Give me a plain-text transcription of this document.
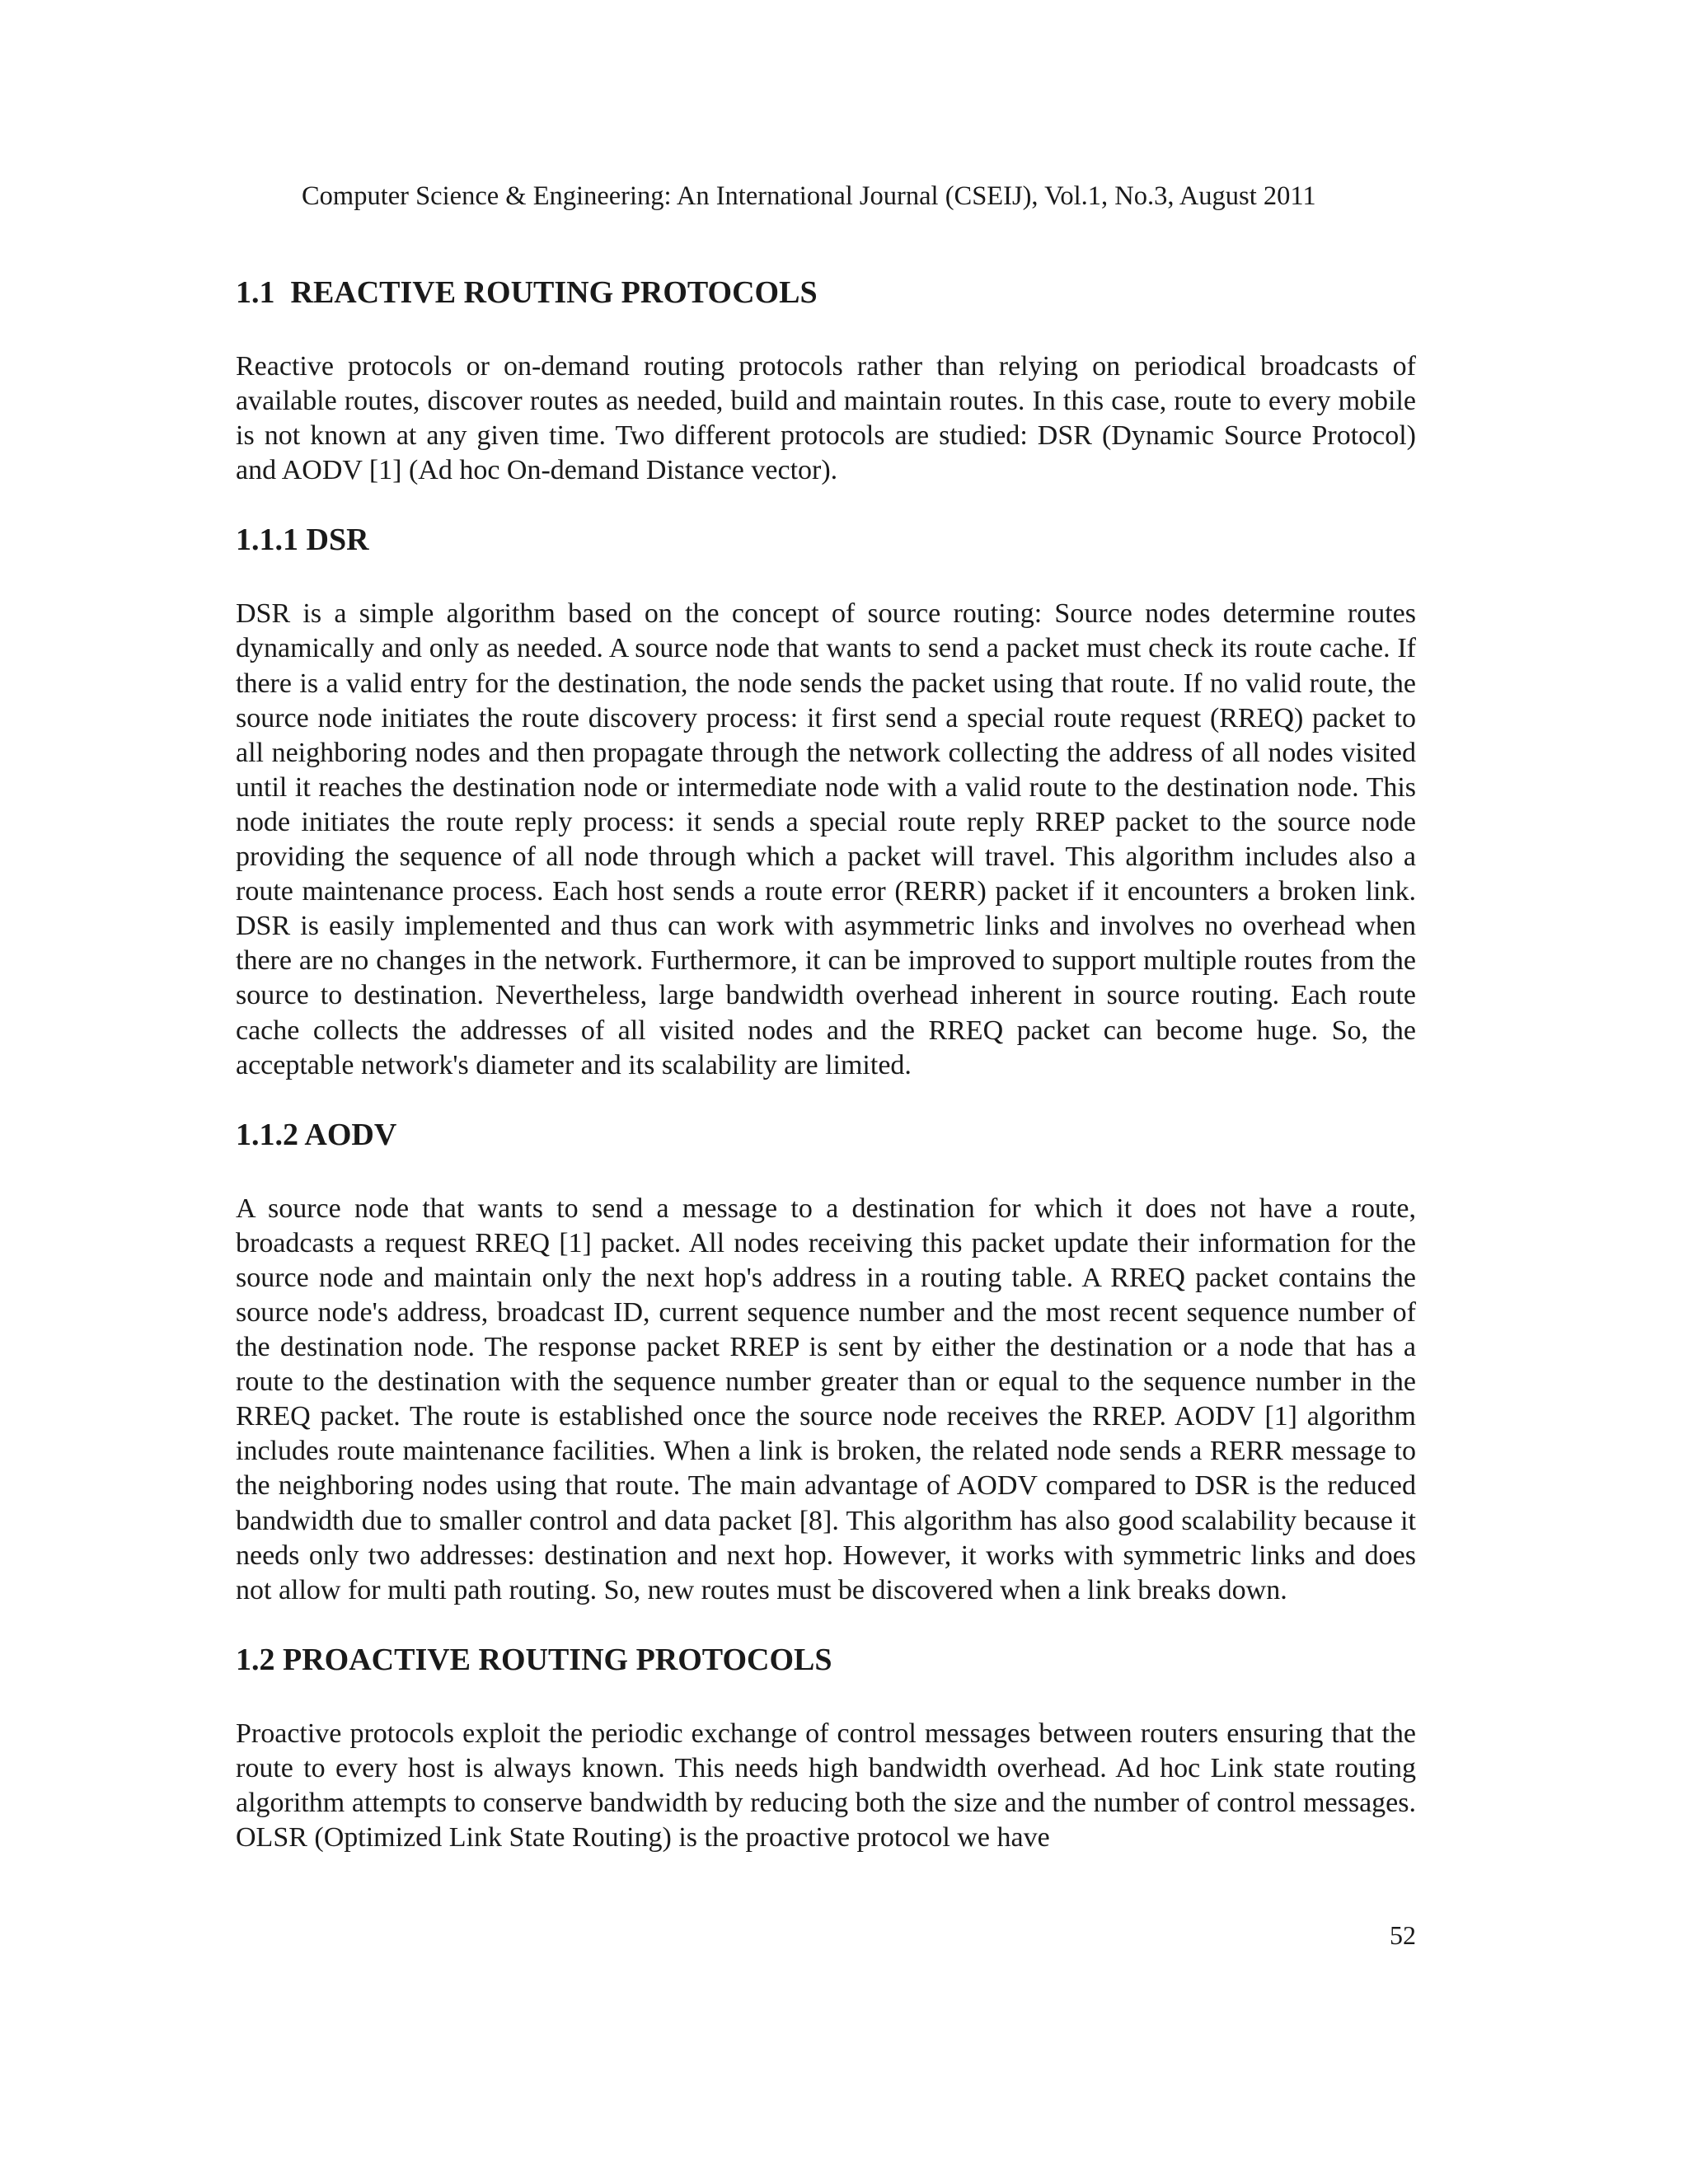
Computer Science & Engineering: An International Journal (CSEIJ), Vol.1, No.3, August 2011
1.1  REACTIVE ROUTING PROTOCOLS

Reactive protocols or on-demand routing protocols rather than relying on periodical broadcasts of available routes, discover routes as needed, build and maintain routes. In this case, route to every mobile is not known at any given time. Two different protocols are studied: DSR (Dynamic Source Protocol) and AODV [1] (Ad hoc On-demand Distance vector).

1.1.1 DSR

DSR is a simple algorithm based on the concept of source routing: Source nodes determine routes dynamically and only as needed. A source node that wants to send a packet must check its route cache. If there is a valid entry for the destination, the node sends the packet using that route. If no valid route, the source node initiates the route discovery process: it first send a special route request (RREQ) packet to all neighboring nodes and then propagate through the network collecting the address of all nodes visited until it reaches the destination node or intermediate node with a valid route to the destination node. This node initiates the route reply process: it sends a special route reply RREP packet to the source node providing the sequence of all node through which a packet will travel. This algorithm includes also a route maintenance process. Each host sends a route error (RERR) packet if it encounters a broken link. DSR is easily implemented and thus can work with asymmetric links and involves no overhead when there are no changes in the network. Furthermore, it can be improved to support multiple routes from the source to destination. Nevertheless, large bandwidth overhead inherent in source routing. Each route cache collects the addresses of all visited nodes and the RREQ packet can become huge. So, the acceptable network's diameter and its scalability are limited.

1.1.2 AODV

A source node that wants to send a message to a destination for which it does not have a route, broadcasts a request RREQ [1] packet. All nodes receiving this packet update their information for the source node and maintain only the next hop's address in a routing table. A RREQ packet contains the source node's address, broadcast ID, current sequence number and the most recent sequence number of the destination node. The response packet RREP is sent by either the destination or a node that has a route to the destination with the sequence number greater than or equal to the sequence number in the RREQ packet. The route is established once the source node receives the RREP. AODV [1] algorithm includes route maintenance facilities. When a link is broken, the related node sends a RERR message to the neighboring nodes using that route. The main advantage of AODV compared to DSR is the reduced bandwidth due to smaller control and data packet [8]. This algorithm has also good scalability because it needs only two addresses: destination and next hop. However, it works with symmetric links and does not allow for multi path routing. So, new routes must be discovered when a link breaks down.

1.2 PROACTIVE ROUTING PROTOCOLS

Proactive protocols exploit the periodic exchange of control messages between routers ensuring that the route to every host is always known. This needs high bandwidth overhead. Ad hoc Link state routing algorithm attempts to conserve bandwidth by reducing both the size and the number of control messages. OLSR (Optimized Link State Routing) is the proactive protocol we have

52
